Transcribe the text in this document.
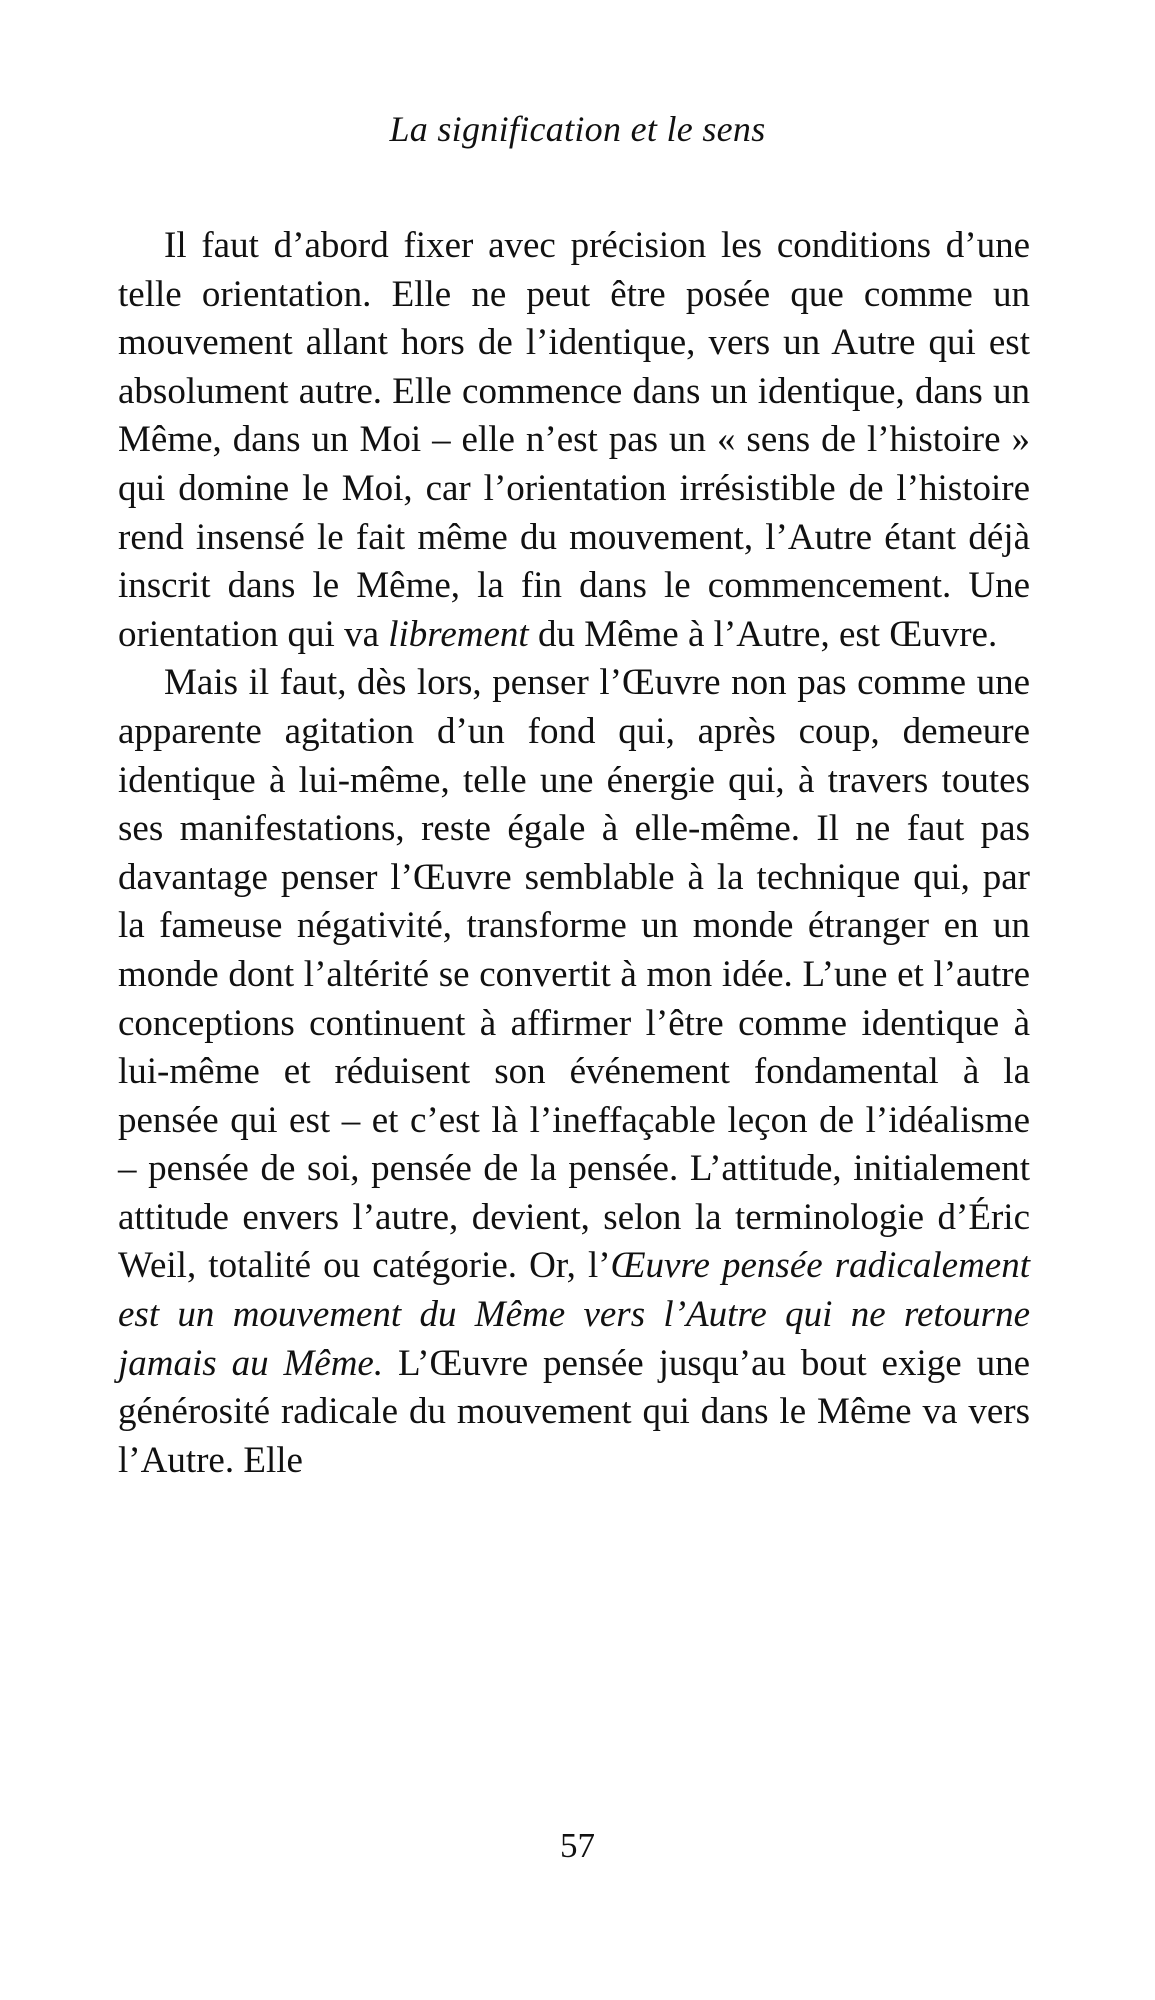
La signification et le sens

Il faut d’abord fixer avec précision les conditions d’une telle orientation. Elle ne peut être posée que comme un mouvement allant hors de l’identique, vers un Autre qui est absolument autre. Elle commence dans un identique, dans un Même, dans un Moi – elle n’est pas un « sens de l’histoire » qui domine le Moi, car l’orientation irrésistible de l’histoire rend insensé le fait même du mouvement, l’Autre étant déjà inscrit dans le Même, la fin dans le commencement. Une orientation qui va librement du Même à l’Autre, est Œuvre.

Mais il faut, dès lors, penser l’Œuvre non pas comme une apparente agitation d’un fond qui, après coup, demeure identique à lui-même, telle une énergie qui, à travers toutes ses manifestations, reste égale à elle-même. Il ne faut pas davantage penser l’Œuvre semblable à la technique qui, par la fameuse négativité, transforme un monde étranger en un monde dont l’altérité se convertit à mon idée. L’une et l’autre conceptions continuent à affirmer l’être comme identique à lui-même et réduisent son événement fondamental à la pensée qui est – et c’est là l’ineffaçable leçon de l’idéalisme – pensée de soi, pensée de la pensée. L’attitude, initialement attitude envers l’autre, devient, selon la terminologie d’Éric Weil, totalité ou catégorie. Or, l’Œuvre pensée radicalement est un mouvement du Même vers l’Autre qui ne retourne jamais au Même. L’Œuvre pensée jusqu’au bout exige une générosité radicale du mouvement qui dans le Même va vers l’Autre. Elle

57
